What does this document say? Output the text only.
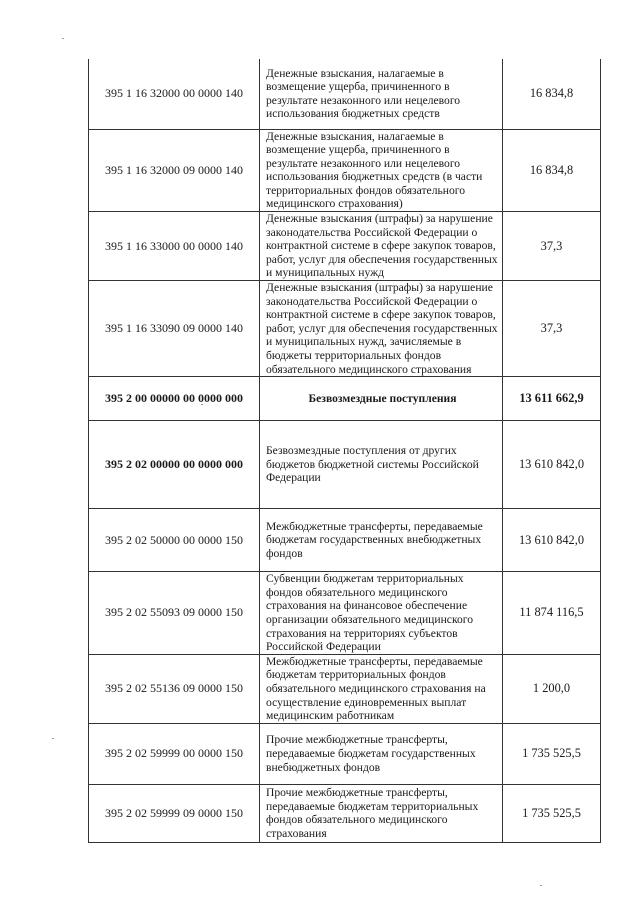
395 1 16 32000 00 0000 140	Денежные взыскания, налагаемые в возмещение ущерба, причиненного в результате незаконного или нецелевого использования бюджетных средств	16 834,8
395 1 16 32000 09 0000 140	Денежные взыскания, налагаемые в возмещение ущерба, причиненного в результате незаконного или нецелевого использования бюджетных средств (в части территориальных фондов обязательного медицинского страхования)	16 834,8
395 1 16 33000 00 0000 140	Денежные взыскания (штрафы) за нарушение законодательства Российской Федерации о контрактной системе в сфере закупок товаров, работ, услуг для обеспечения государственных и муниципальных нужд	37,3
395 1 16 33090 09 0000 140	Денежные взыскания (штрафы) за нарушение законодательства Российской Федерации о контрактной системе в сфере закупок товаров, работ, услуг для обеспечения государственных и муниципальных нужд, зачисляемые в бюджеты территориальных фондов обязательного медицинского страхования	37,3
395 2 00 00000 00 0000 000	Безвозмездные поступления	13 611 662,9
395 2 02 00000 00 0000 000	Безвозмездные поступления от других бюджетов бюджетной системы Российской Федерации	13 610 842,0
395 2 02 50000 00 0000 150	Межбюджетные трансферты, передаваемые бюджетам государственных внебюджетных фондов	13 610 842,0
395 2 02 55093 09 0000 150	Субвенции бюджетам территориальных фондов обязательного медицинского страхования на финансовое обеспечение организации обязательного медицинского страхования на территориях субъектов Российской Федерации	11 874 116,5
395 2 02 55136 09 0000 150	Межбюджетные трансферты, передаваемые бюджетам территориальных фондов обязательного медицинского страхования на осуществление единовременных выплат медицинским работникам	1 200,0
395 2 02 59999 00 0000 150	Прочие межбюджетные трансферты, передаваемые бюджетам государственных внебюджетных фондов	1 735 525,5
395 2 02 59999 09 0000 150	Прочие межбюджетные трансферты, передаваемые бюджетам территориальных фондов обязательного медицинского страхования	1 735 525,5
